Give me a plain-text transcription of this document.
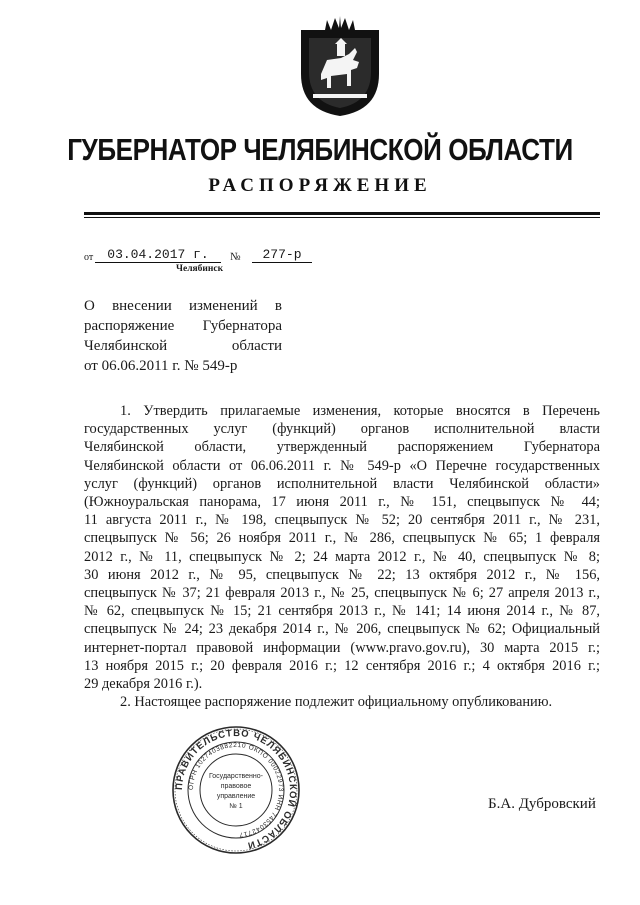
ГУБЕРНАТОР ЧЕЛЯБИНСКОЙ ОБЛАСТИ
РАСПОРЯЖЕНИЕ
от	03.04.2017 г.	№	277-р
Челябинск
О внесении изменений в
распоряжение Губернатора
Челябинской области
от 06.06.2011 г. № 549-р
1. Утвердить прилагаемые изменения, которые вносятся в Перечень
государственных услуг (функций) органов исполнительной власти
Челябинской области, утвержденный распоряжением Губернатора
Челябинской области от 06.06.2011 г. № 549-р «О Перечне государственных
услуг (функций) органов исполнительной власти Челябинской области»
(Южноуральская панорама, 17 июня 2011 г., № 151, спецвыпуск № 44;
11 августа 2011 г., № 198, спецвыпуск № 52; 20 сентября 2011 г., № 231,
спецвыпуск № 56; 26 ноября 2011 г., № 286, спецвыпуск № 65; 1 февраля
2012 г., № 11, спецвыпуск № 2; 24 марта 2012 г., № 40, спецвыпуск № 8;
30 июня 2012 г., № 95, спецвыпуск № 22; 13 октября 2012 г., № 156,
спецвыпуск № 37; 21 февраля 2013 г., № 25, спецвыпуск № 6; 27 апреля 2013 г.,
№ 62, спецвыпуск № 15; 21 сентября 2013 г., № 141; 14 июня 2014 г., № 87,
спецвыпуск № 24; 23 декабря 2014 г., № 206, спецвыпуск № 62; Официальный
интернет-портал правовой информации (www.pravo.gov.ru), 30 марта 2015 г.;
13 ноября 2015 г.; 20 февраля 2016 г.; 12 сентября 2016 г.; 4 октября 2016 г.;
29 декабря 2016 г.).
2. Настоящее распоряжение подлежит официальному опубликованию.
ПРАВИТЕЛЬСТВО ЧЕЛЯБИНСКОЙ ОБЛАСТИ
ОГРН 1027403882210 ОКПО 00022973 ИНН 7453042717
Государственно-
правовое
управление
№ 1	Б.А. Дубровский
